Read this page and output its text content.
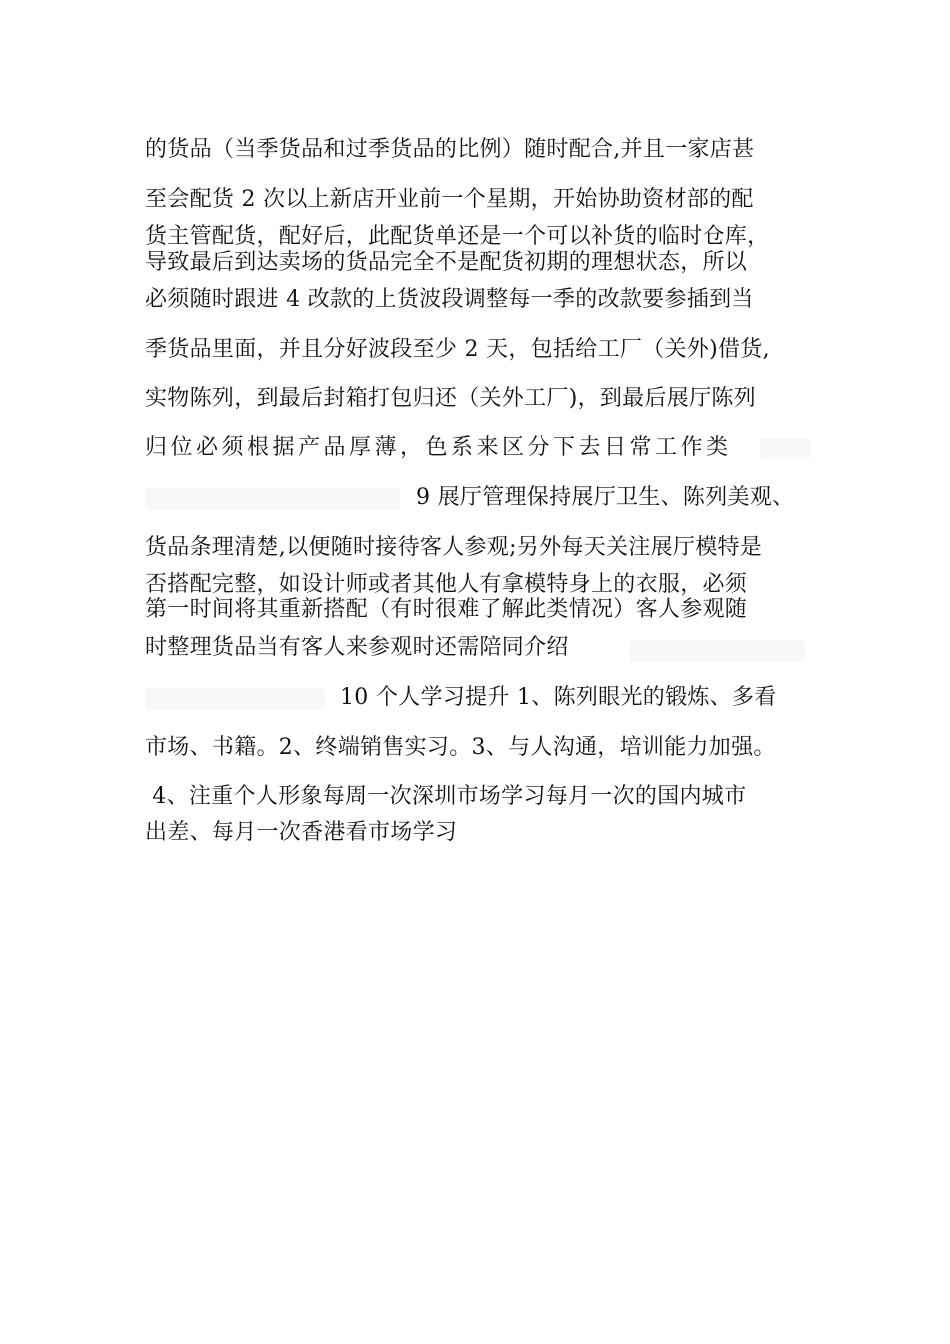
的货品（当季货品和过季货品的比例）随时配合,并且一家店甚
至会配货 2 次以上新店开业前一个星期，开始协助资材部的配
货主管配货，配好后，此配货单还是一个可以补货的临时仓库，
导致最后到达卖场的货品完全不是配货初期的理想状态，所以
必须随时跟进 4 改款的上货波段调整每一季的改款要参插到当
季货品里面，并且分好波段至少 2 天，包括给工厂（关外)借货,
实物陈列，到最后封箱打包归还（关外工厂)，到最后展厅陈列
归位必须根据产品厚薄，色系来区分下去日常工作类
9 展厅管理保持展厅卫生、陈列美观、
货品条理清楚,以便随时接待客人参观;另外每天关注展厅模特是
否搭配完整，如设计师或者其他人有拿模特身上的衣服，必须
第一时间将其重新搭配（有时很难了解此类情况）客人参观随
时整理货品当有客人来参观时还需陪同介绍
10 个人学习提升 1、陈列眼光的锻炼、多看
市场、书籍。2、终端销售实习。3、与人沟通，培训能力加强。
4、注重个人形象每周一次深圳市场学习每月一次的国内城市
出差、每月一次香港看市场学习
